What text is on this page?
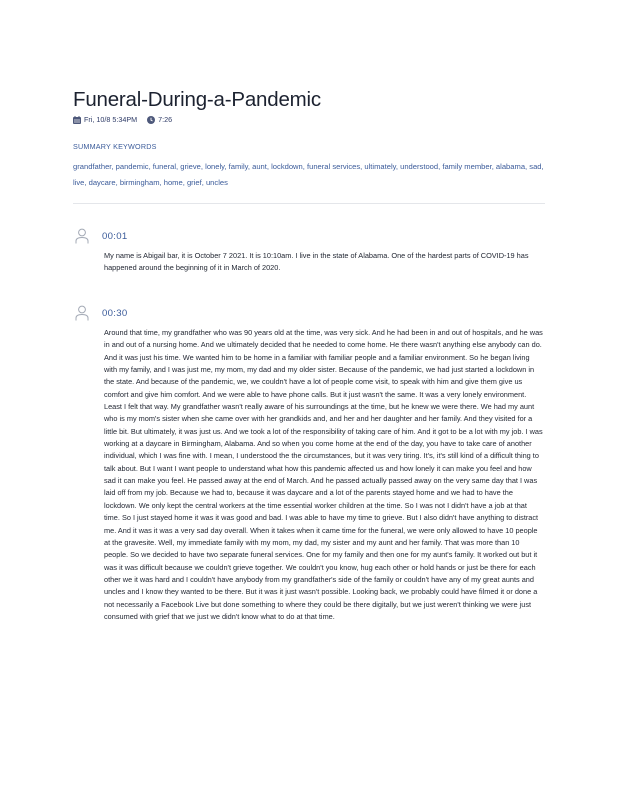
Funeral-During-a-Pandemic
Fri, 10/8 5:34PM	7:26
SUMMARY KEYWORDS
grandfather, pandemic, funeral, grieve, lonely, family, aunt, lockdown, funeral services, ultimately, understood, family member, alabama, sad, live, daycare, birmingham, home, grief, uncles
00:01
My name is Abigail bar, it is October 7 2021. It is 10:10am. I live in the state of Alabama. One of the hardest parts of COVID-19 has happened around the beginning of it in March of 2020.
00:30
Around that time, my grandfather who was 90 years old at the time, was very sick. And he had been in and out of hospitals, and he was in and out of a nursing home. And we ultimately decided that he needed to come home. He there wasn't anything else anybody can do. And it was just his time. We wanted him to be home in a familiar with familiar people and a familiar environment. So he began living with my family, and I was just me, my mom, my dad and my older sister. Because of the pandemic, we had just started a lockdown in the state. And because of the pandemic, we, we couldn't have a lot of people come visit, to speak with him and give them give us comfort and give him comfort. And we were able to have phone calls. But it just wasn't the same. It was a very lonely environment. Least I felt that way. My grandfather wasn't really aware of his surroundings at the time, but he knew we were there. We had my aunt who is my mom's sister when she came over with her grandkids and, and her and her daughter and her family. And they visited for a little bit. But ultimately, it was just us. And we took a lot of the responsibility of taking care of him. And it got to be a lot with my job. I was working at a daycare in Birmingham, Alabama. And so when you come home at the end of the day, you have to take care of another individual, which I was fine with. I mean, I understood the the circumstances, but it was very tiring. It's, it's still kind of a difficult thing to talk about. But I want I want people to understand what how this pandemic affected us and how lonely it can make you feel and how sad it can make you feel. He passed away at the end of March. And he passed actually passed away on the very same day that I was laid off from my job. Because we had to, because it was daycare and a lot of the parents stayed home and we had to have the lockdown. We only kept the central workers at the time essential worker children at the time. So I was not I didn't have a job at that time. So I just stayed home it was it was good and bad. I was able to have my time to grieve. But I also didn't have anything to distract me. And it was it was a very sad day overall. When it takes when it came time for the funeral, we were only allowed to have 10 people at the gravesite. Well, my immediate family with my mom, my dad, my sister and my aunt and her family. That was more than 10 people. So we decided to have two separate funeral services. One for my family and then one for my aunt's family. It worked out but it was it was difficult because we couldn't grieve together. We couldn't you know, hug each other or hold hands or just be there for each other we it was hard and I couldn't have anybody from my grandfather's side of the family or couldn't have any of my great aunts and uncles and I know they wanted to be there. But it was it just wasn't possible. Looking back, we probably could have filmed it or done a not necessarily a Facebook Live but done something to where they could be there digitally, but we just weren't thinking we were just consumed with grief that we just we didn't know what to do at that time.
